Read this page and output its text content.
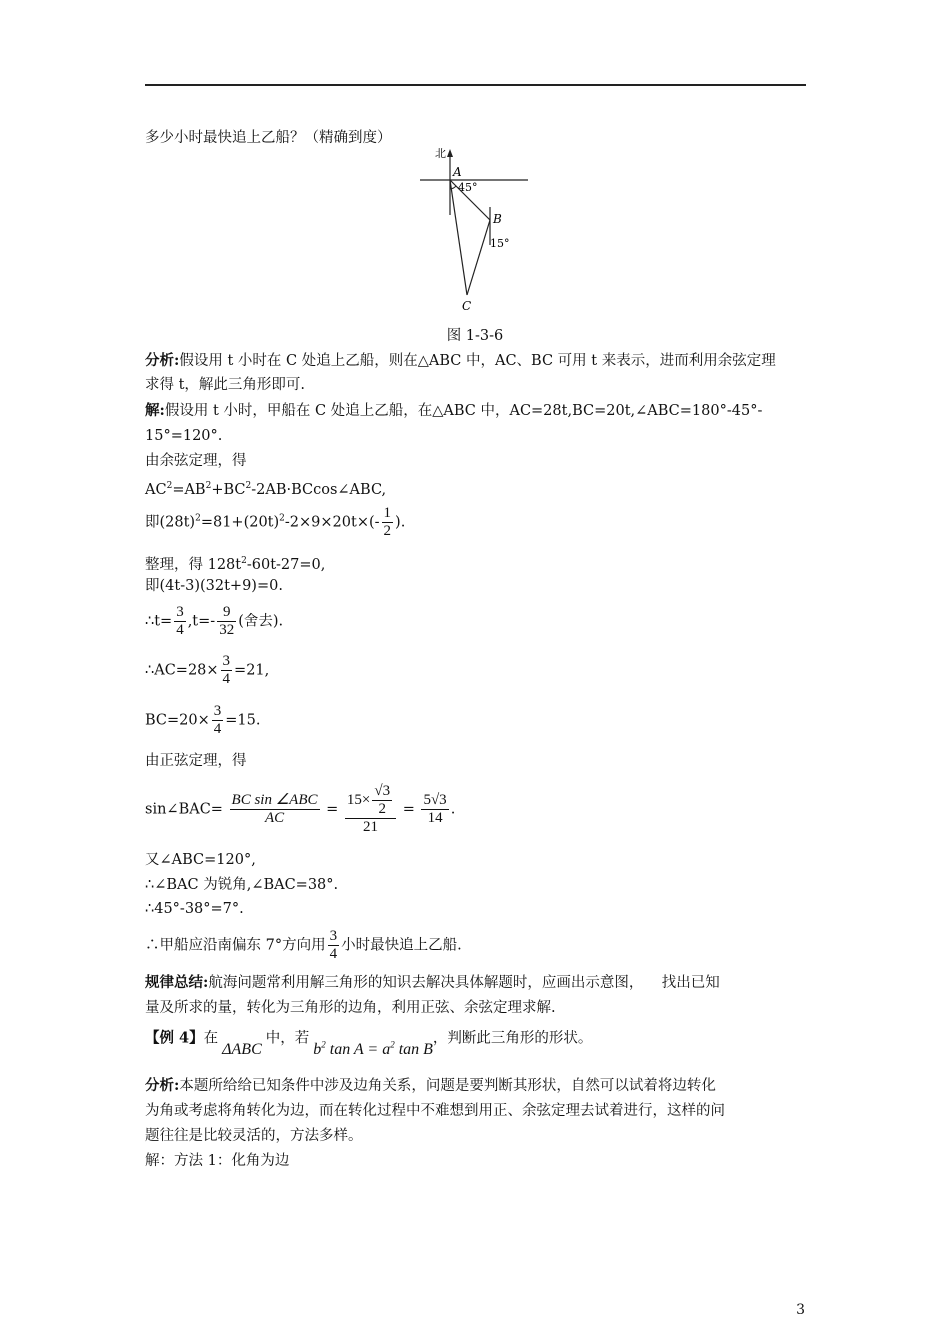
多少小时最快追上乙船？（精确到度）
北
A
45°
B
15°
C
图 1-3-6
分析:假设用 t 小时在 C 处追上乙船，则在△ABC 中，AC、BC 可用 t 来表示，进而利用余弦定理
求得 t，解此三角形即可.
解:假设用 t 小时，甲船在 C 处追上乙船，在△ABC 中，AC=28t,BC=20t,∠ABC=180°-45°-
15°=120°.
由余弦定理，得
$AC^2=AB^2+BC^2-2AB\cdot BCcos\angle ABC$,
即$(28t)^2=81+(20t)^2-2\times 9\times 20t\times(- \frac{1}{2}$ ).
整理，得 $128t^2-60t-27=0$,
即(4t-3)(32t+9)=0.
∴t= $\frac{3}{4} ,t=- \frac{9}{32}$ (舍去).
∴AC=28× $\frac{3}{4} =21$,
$BC=20\times \frac{3}{4} =15$.
由正弦定理，得
sin∠BAC= $\frac{\text{BC sin ∠ABC}}{AC} = \frac{15\times \frac{√3}{2}}{21} = \frac{5√3}{14}$ .
又∠ABC=120°,
∴∠BAC 为锐角,∠BAC=38°.
∴45°-38°=7°.
∴甲船应沿南偏东 7°方向用 $\frac{3}{4}$ 小时最快追上乙船.
规律总结:航海问题常利用解三角形的知识去解决具体解题时，应画出示意图，    找出已知
量及所求的量，转化为三角形的边角，利用正弦、余弦定理求解.
【例 4】在ΔABC中，若$b^2$ $\tan A = a^2$ tan B，判断此三角形的形状。
分析:本题所给给已知条件中涉及边角关系，问题是要判断其形状，自然可以试着将边转化
为角或考虑将角转化为边，而在转化过程中不难想到用正、余弦定理去试着进行，这样的问
题往往是比较灵活的，方法多样。
解：方法 1：化角为边
3
